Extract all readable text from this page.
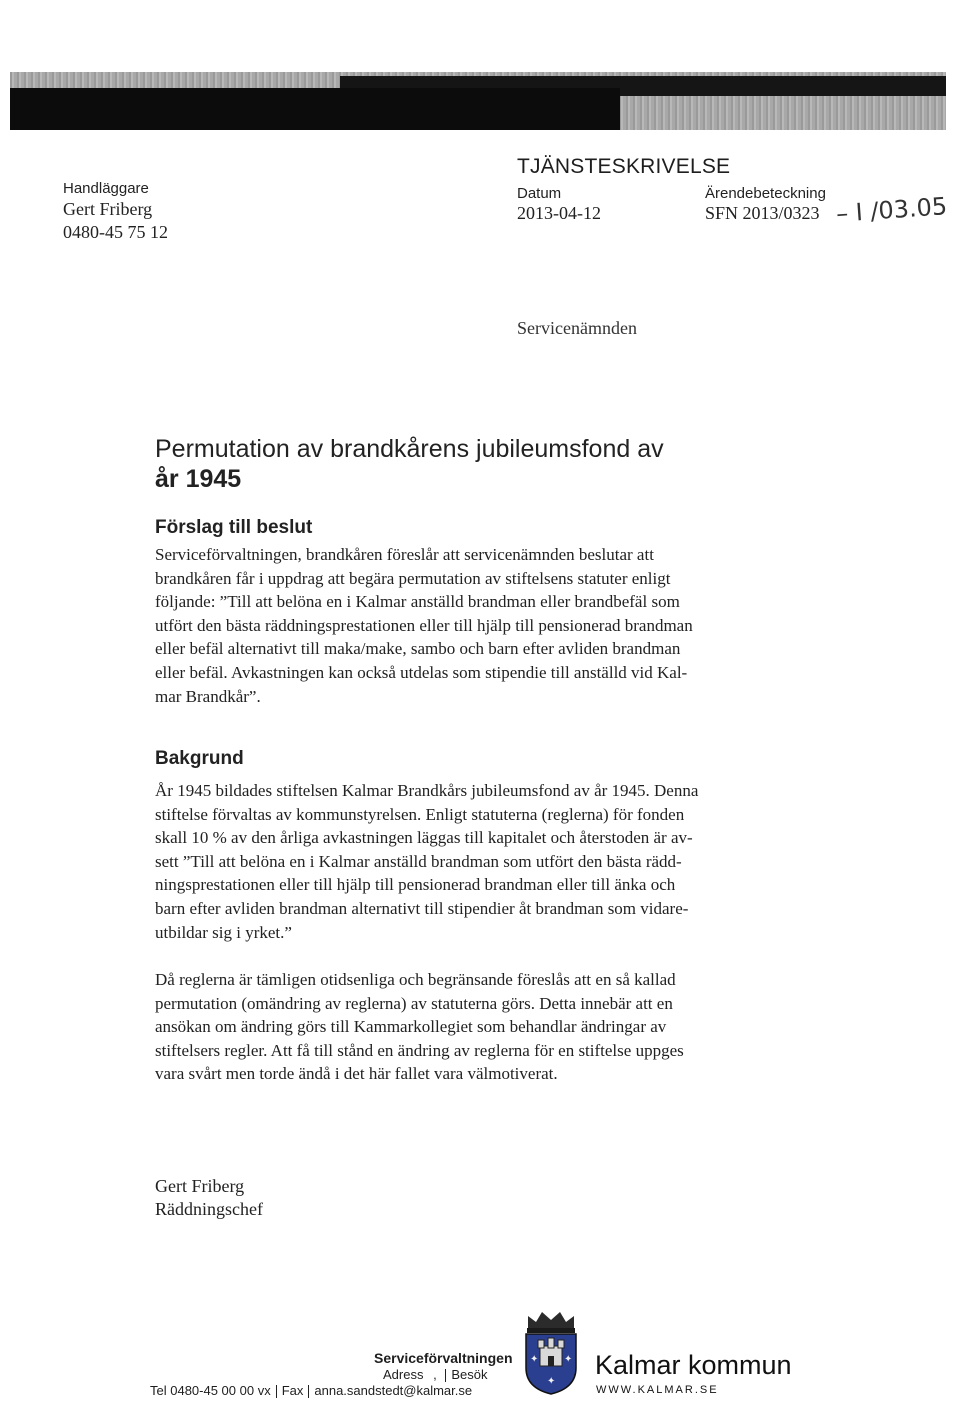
Handläggare
Gert Friberg
0480-45 75 12
TJÄNSTESKRIVELSE
Datum
2013-04-12
Ärendebeteckning
SFN 2013/0323 – I /03.05
Servicenämnden
Permutation av brandkårens jubileumsfond av
år 1945
Förslag till beslut
Serviceförvaltningen, brandkåren föreslår att servicenämnden beslutar att
brandkåren får i uppdrag att begära permutation av stiftelsens statuter enligt
följande: ”Till att belöna en i Kalmar anställd brandman eller brandbefäl som
utfört den bästa räddningsprestationen eller till hjälp till pensionerad brandman
eller befäl alternativt till maka/make, sambo och barn efter avliden brandman
eller befäl. Avkastningen kan också utdelas som stipendie till anställd vid Kal-
mar Brandkår”.
Bakgrund
År 1945 bildades stiftelsen Kalmar Brandkårs jubileumsfond av år 1945. Denna
stiftelse förvaltas av kommunstyrelsen. Enligt statuterna (reglerna) för fonden
skall 10 % av den årliga avkastningen läggas till kapitalet och återstoden är av-
sett ”Till att belöna en i Kalmar anställd brandman som utfört den bästa rädd-
ningsprestationen eller till hjälp till pensionerad brandman eller till änka och
barn efter avliden brandman alternativt till stipendier åt brandman som vidare-
utbildar sig i yrket.”
Då reglerna är tämligen otidsenliga och begränsande föreslås att en så kallad
permutation (omändring av reglerna) av statuterna görs. Detta innebär att en
ansökan om ändring görs till Kammarkollegiet som behandlar ändringar av
stiftelsers regler. Att få till stånd en ändring av reglerna för en stiftelse uppges
vara svårt men torde ändå i det här fallet vara välmotiverat.
Gert Friberg
Räddningschef
Serviceförvaltningen
Adress , Besök
Tel 0480-45 00 00 vx Fax anna.sandstedt@kalmar.se
✦	✦
✦
Kalmar kommun
WWW.KALMAR.SE
